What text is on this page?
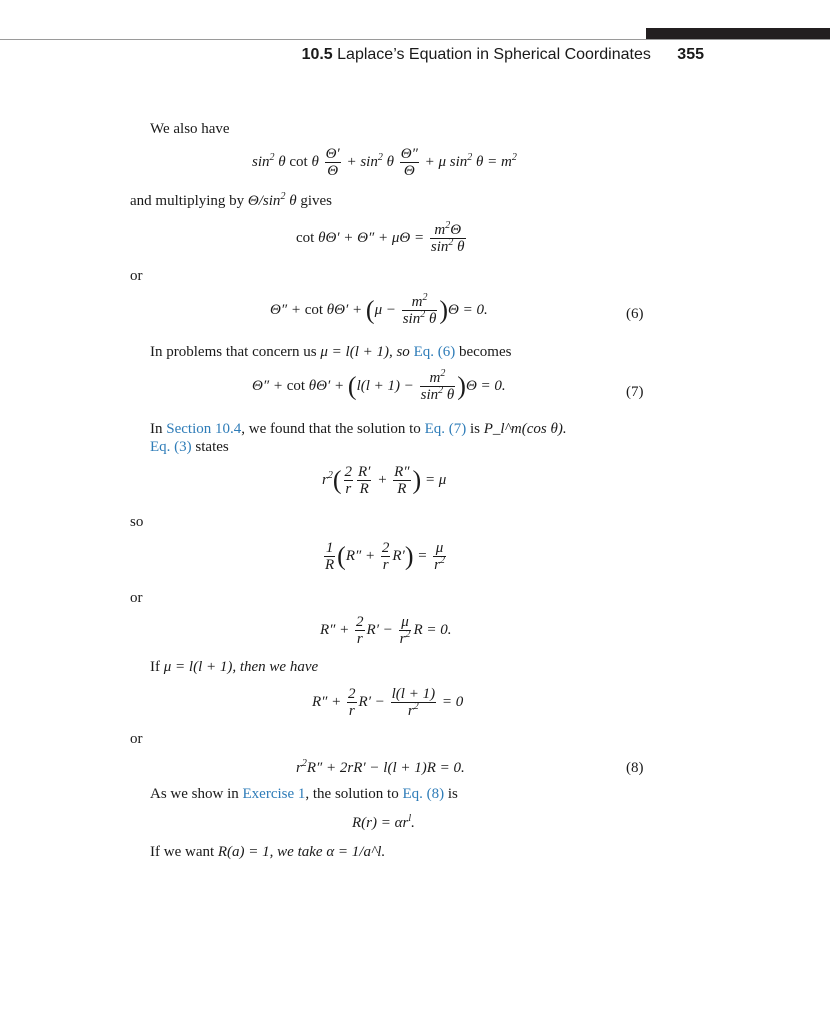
10.5 Laplace’s Equation in Spherical Coordinates 355
We also have
$\sin^2 \theta$ cot θ $\frac{\Theta'}{\Theta} + \sin^2 \theta \frac{\Theta''}{\Theta} + \mu$ $\sin^2 \theta = m^2$
and multiplying by $\Theta/\sin^2$ θ gives
$\cot \theta\Theta' + \Theta'' + \mu\Theta = \frac{m^2\Theta}{\sin^2 \theta}$
or
$\Theta'' + \cot \theta\Theta' + (\mu - \frac{m^2}{\sin^2 \theta} )\Theta = 0$.	(6)
In problems that concern us μ = l(l + 1), so Eq. (6) becomes
$\Theta'' + \cot \theta\Theta' + (l(l + 1) - \frac{m^2}{\sin^2 \theta} )\Theta = 0$.	(7)
In Section 10.4, we found that the solution to Eq. (7) is P_l^m(cos θ).
Eq. (3) states
$r^2( \frac{2}{r} \frac{R'}{R} + \frac{R''}{R}$ ) = μ
so
$\frac{1}{R} (R'' + \frac{2}{r} R') = \frac{\mu}{r^2}$
or
$R'' + \frac{2}{r} R' - \frac{\mu}{r^2}$ R = 0.
If μ = l(l + 1), then we have
$R'' + \frac{2}{r} R' - \frac{l(l + 1)}{r^2} = 0$
or
$r^2R'' + 2rR' - l(l + 1)R = 0$.	(8)
As we show in Exercise 1, the solution to Eq. (8) is
$R(r) = \alpha r^l$.
If we want R(a) = 1, we take α = 1/a^l.
